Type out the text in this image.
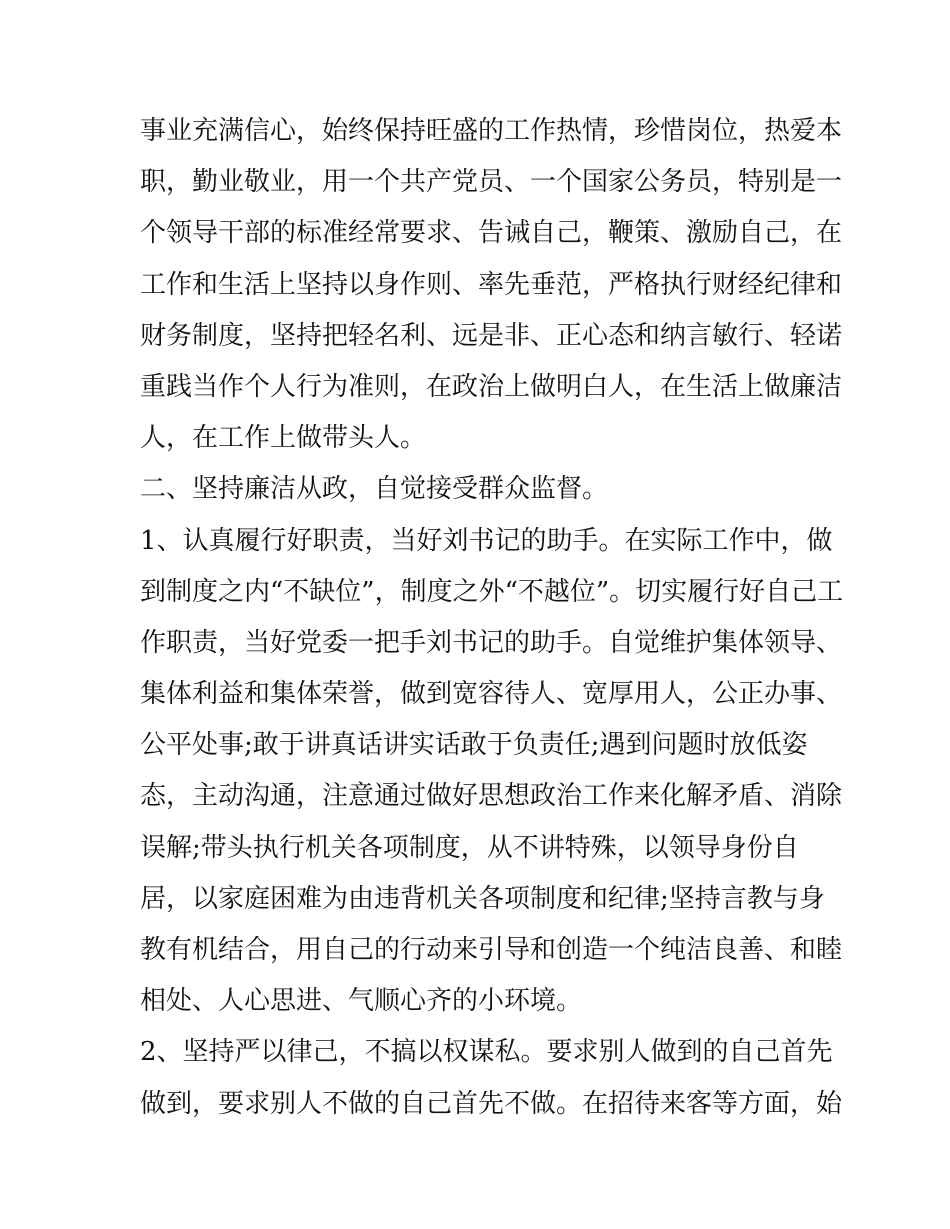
事业充满信心，始终保持旺盛的工作热情，珍惜岗位，热爱本
职，勤业敬业，用一个共产党员、一个国家公务员，特别是一
个领导干部的标准经常要求、告诫自己，鞭策、激励自己，在
工作和生活上坚持以身作则、率先垂范，严格执行财经纪律和
财务制度，坚持把轻名利、远是非、正心态和纳言敏行、轻诺
重践当作个人行为准则，在政治上做明白人，在生活上做廉洁
人，在工作上做带头人。
二、坚持廉洁从政，自觉接受群众监督。
1、认真履行好职责，当好刘书记的助手。在实际工作中，做
到制度之内“不缺位”，制度之外“不越位”。切实履行好自己工
作职责，当好党委一把手刘书记的助手。自觉维护集体领导、
集体利益和集体荣誉，做到宽容待人、宽厚用人，公正办事、
公平处事;敢于讲真话讲实话敢于负责任;遇到问题时放低姿
态，主动沟通，注意通过做好思想政治工作来化解矛盾、消除
误解;带头执行机关各项制度，从不讲特殊，以领导身份自
居，以家庭困难为由违背机关各项制度和纪律;坚持言教与身
教有机结合，用自己的行动来引导和创造一个纯洁良善、和睦
相处、人心思进、气顺心齐的小环境。
2、坚持严以律己，不搞以权谋私。要求别人做到的自己首先
做到，要求别人不做的自己首先不做。在招待来客等方面，始
